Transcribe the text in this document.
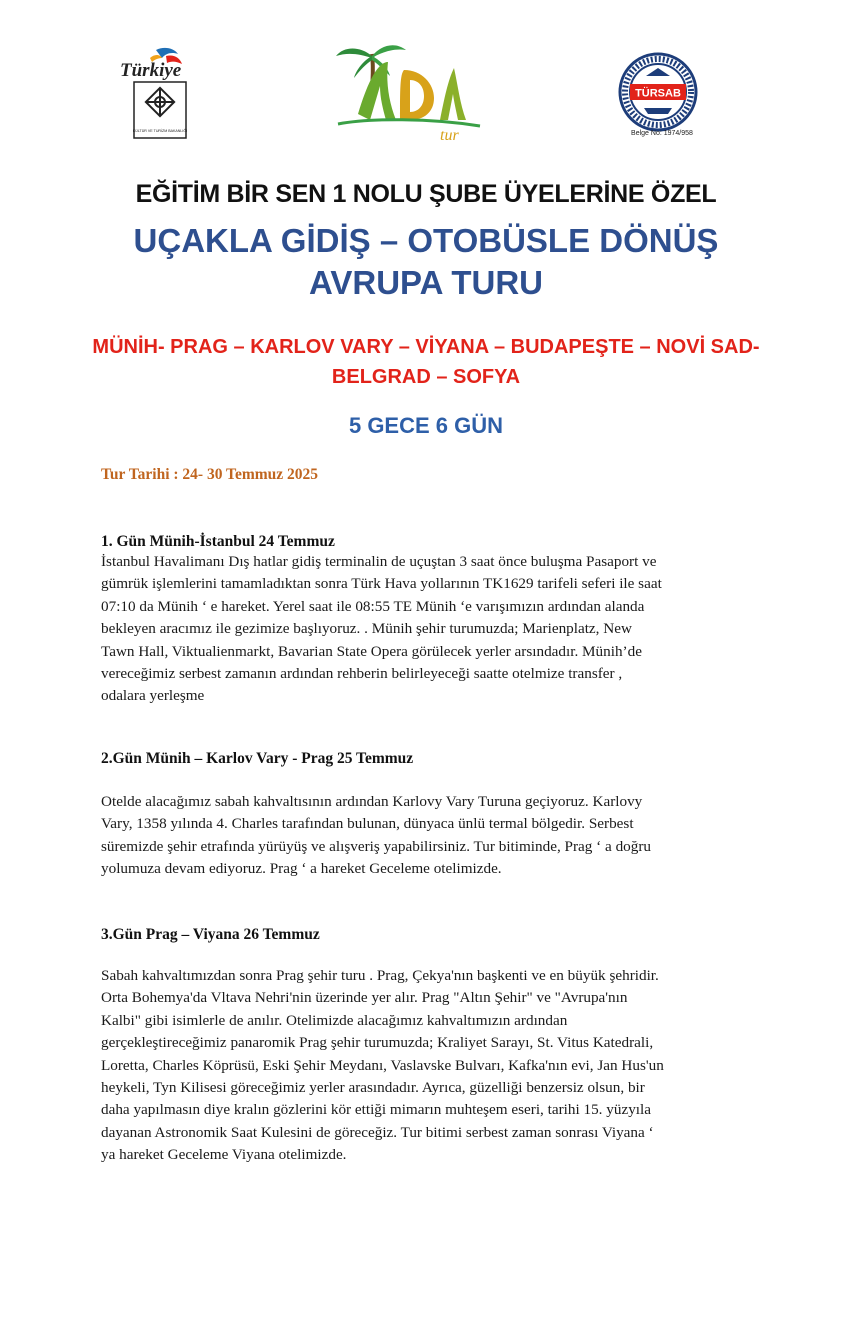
Türkiye
KÜLTÜR VE TURİZM BAKANLIĞI	tur
TÜRSAB
Belge No: 1974/958
EĞİTİM BİR SEN 1 NOLU ŞUBE ÜYELERİNE ÖZEL
UÇAKLA GİDİŞ – OTOBÜSLE DÖNÜŞ
AVRUPA TURU
MÜNİH- PRAG – KARLOV VARY – VİYANA – BUDAPEŞTE – NOVİ SAD-
BELGRAD – SOFYA
5 GECE 6 GÜN
Tur Tarihi : 24- 30 Temmuz 2025
1. Gün Münih-İstanbul 24 Temmuz
İstanbul Havalimanı Dış hatlar gidiş terminalin de uçuştan 3 saat önce buluşma Pasaport ve
gümrük işlemlerini tamamladıktan sonra Türk Hava yollarının TK1629 tarifeli seferi ile saat
07:10 da Münih ‘ e hareket. Yerel saat ile 08:55 TE Münih ‘e varışımızın ardından alanda
bekleyen aracımız ile gezimize başlıyoruz. . Münih şehir turumuzda; Marienplatz, New
Tawn Hall, Viktualienmarkt, Bavarian State Opera görülecek yerler arsındadır. Münih’de
vereceğimiz serbest zamanın ardından rehberin belirleyeceği saatte otelmize transfer ,
odalara yerleşme
2.Gün Münih – Karlov Vary - Prag 25 Temmuz
Otelde alacağımız sabah kahvaltısının ardından Karlovy Vary Turuna geçiyoruz. Karlovy
Vary, 1358 yılında 4. Charles tarafından bulunan, dünyaca ünlü termal bölgedir. Serbest
süremizde şehir etrafında yürüyüş ve alışveriş yapabilirsiniz. Tur bitiminde, Prag ‘ a doğru
yolumuza devam ediyoruz. Prag ‘ a hareket Geceleme otelimizde.
3.Gün Prag – Viyana 26 Temmuz
Sabah kahvaltımızdan sonra Prag şehir turu . Prag, Çekya'nın başkenti ve en büyük şehridir.
Orta Bohemya'da Vltava Nehri'nin üzerinde yer alır. Prag "Altın Şehir" ve "Avrupa'nın
Kalbi" gibi isimlerle de anılır. Otelimizde alacağımız kahvaltımızın ardından
gerçekleştireceğimiz panaromik Prag şehir turumuzda; Kraliyet Sarayı, St. Vitus Katedrali,
Loretta, Charles Köprüsü, Eski Şehir Meydanı, Vaslavske Bulvarı, Kafka'nın evi, Jan Hus'un
heykeli, Tyn Kilisesi göreceğimiz yerler arasındadır. Ayrıca, güzelliği benzersiz olsun, bir
daha yapılmasın diye kralın gözlerini kör ettiği mimarın muhteşem eseri, tarihi 15. yüzyıla
dayanan Astronomik Saat Kulesini de göreceğiz. Tur bitimi serbest zaman sonrası Viyana ‘
ya hareket Geceleme Viyana otelimizde.
